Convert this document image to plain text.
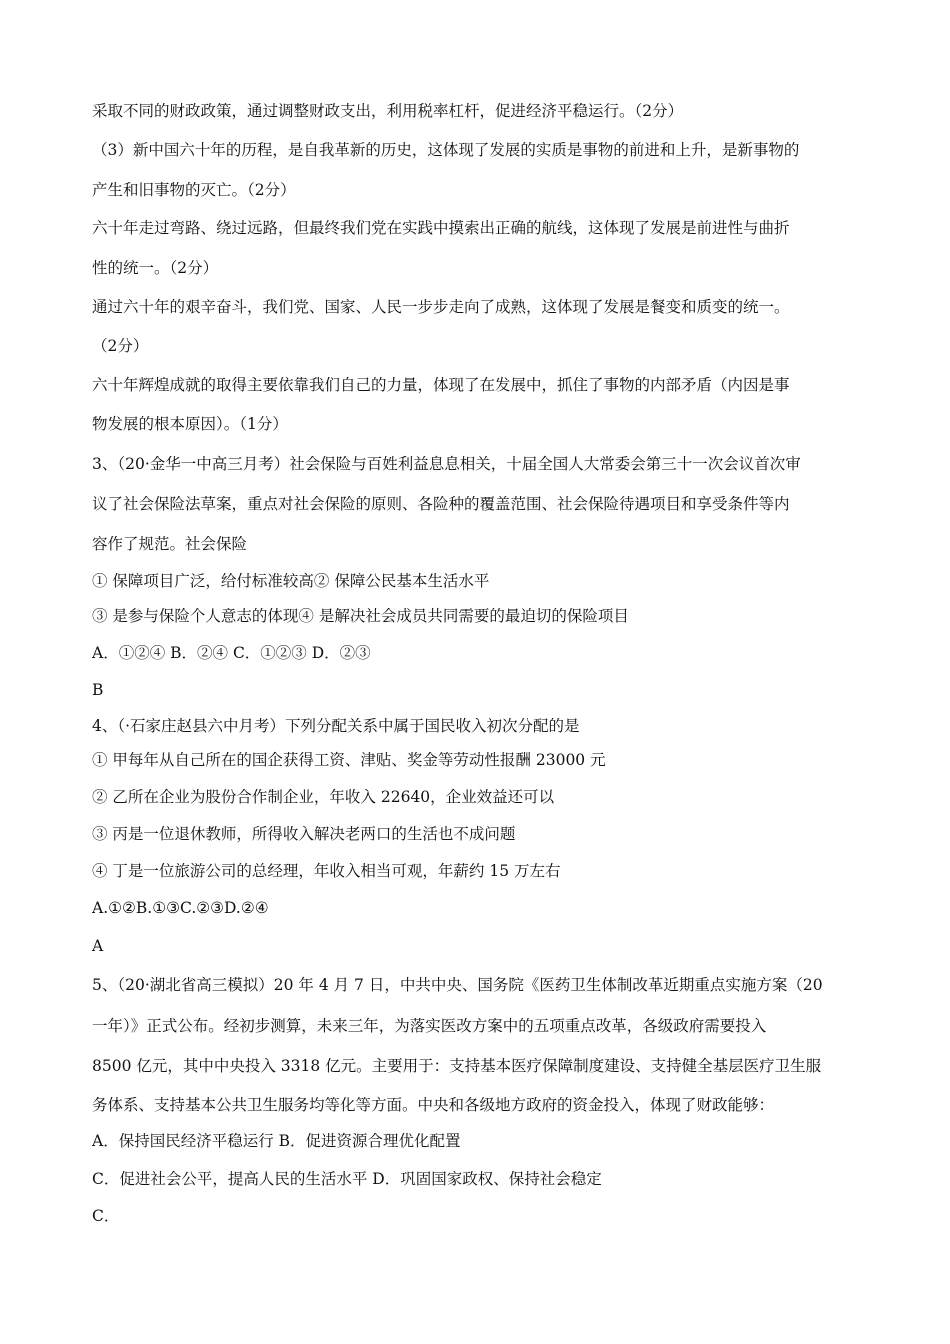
采取不同的财政政策，通过调整财政支出，利用税率杠杆，促进经济平稳运行。（2分）
（3）新中国六十年的历程，是自我革新的历史，这体现了发展的实质是事物的前进和上升，是新事物的
产生和旧事物的灭亡。（2分）
六十年走过弯路、绕过远路，但最终我们党在实践中摸索出正确的航线，这体现了发展是前进性与曲折
性的统一。（2分）
通过六十年的艰辛奋斗，我们党、国家、人民一步步走向了成熟，这体现了发展是餐变和质变的统一。
（2分）
六十年辉煌成就的取得主要依靠我们自己的力量，体现了在发展中，抓住了事物的内部矛盾（内因是事
物发展的根本原因）。（1分）
3、（20·金华一中高三月考）社会保险与百姓利益息息相关，十届全国人大常委会第三十一次会议首次审
议了社会保险法草案，重点对社会保险的原则、各险种的覆盖范围、社会保险待遇项目和享受条件等内
容作了规范。社会保险
① 保障项目广泛，给付标准较高② 保障公民基本生活水平
③ 是参与保险个人意志的体现④ 是解决社会成员共同需要的最迫切的保险项目
A．①②④ B．②④ C．①②③ D．②③
B
4、（·石家庄赵县六中月考）下列分配关系中属于国民收入初次分配的是
① 甲每年从自己所在的国企获得工资、津贴、奖金等劳动性报酬 23000 元
② 乙所在企业为股份合作制企业，年收入 22640，企业效益还可以
③ 丙是一位退休教师，所得收入解决老两口的生活也不成问题
④ 丁是一位旅游公司的总经理，年收入相当可观，年薪约 15 万左右
A.①②B.①③C.②③D.②④
A
5、（20·湖北省高三模拟）20 年 4 月 7 日，中共中央、国务院《医药卫生体制改革近期重点实施方案（20
一年）》正式公布。经初步测算，未来三年，为落实医改方案中的五项重点改革，各级政府需要投入
8500 亿元，其中中央投入 3318 亿元。主要用于：支持基本医疗保障制度建设、支持健全基层医疗卫生服
务体系、支持基本公共卫生服务均等化等方面。中央和各级地方政府的资金投入，体现了财政能够：
A．保持国民经济平稳运行 B．促进资源合理优化配置
C．促进社会公平，提高人民的生活水平 D．巩固国家政权、保持社会稳定
C．
